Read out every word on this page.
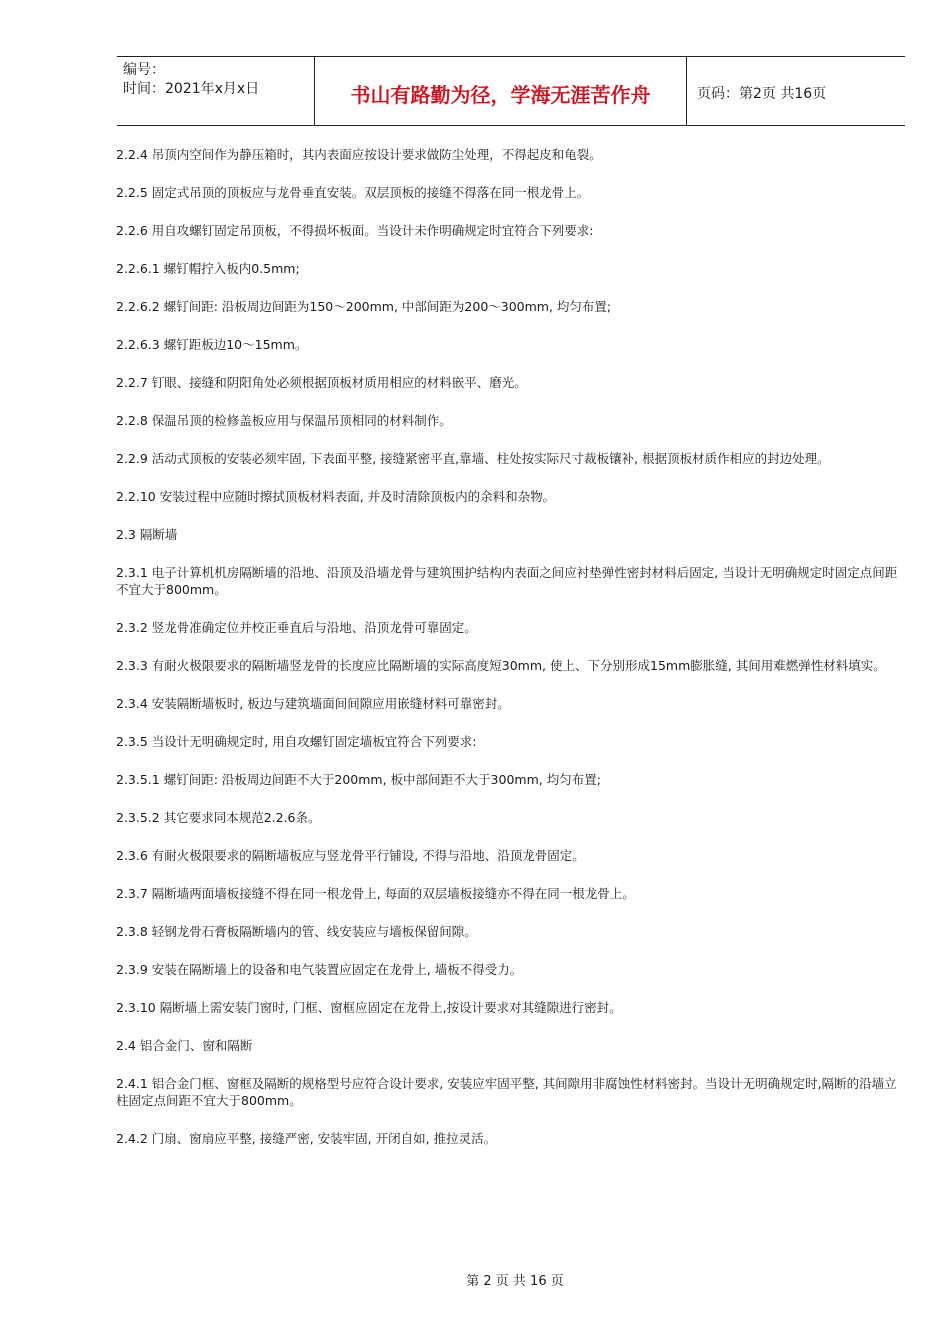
编号：
时间：2021年x月x日	书山有路勤为径，学海无涯苦作舟	页码：第2页 共16页

2.2.4 吊顶内空间作为静压箱时，其内表面应按设计要求做防尘处理，不得起皮和龟裂。

2.2.5 固定式吊顶的顶板应与龙骨垂直安装。双层顶板的接缝不得落在同一根龙骨上。

2.2.6 用自攻螺钉固定吊顶板，不得损坏板面。当设计未作明确规定时宜符合下列要求:

2.2.6.1 螺钉帽拧入板内0.5mm;

2.2.6.2 螺钉间距: 沿板周边间距为150～200mm, 中部间距为200～300mm, 均匀布置;

2.2.6.3 螺钉距板边10～15mm。

2.2.7 钉眼、接缝和阴阳角处必须根据顶板材质用相应的材料嵌平、磨光。

2.2.8 保温吊顶的检修盖板应用与保温吊顶相同的材料制作。

2.2.9 活动式顶板的安装必须牢固, 下表面平整, 接缝紧密平直,靠墙、柱处按实际尺寸裁板镶补, 根据顶板材质作相应的封边处理。

2.2.10 安装过程中应随时擦拭顶板材料表面, 并及时清除顶板内的余料和杂物。

2.3 隔断墙

2.3.1 电子计算机机房隔断墙的沿地、沿顶及沿墙龙骨与建筑围护结构内表面之间应衬垫弹性密封材料后固定, 当设计无明确规定时固定点间距不宜大于800mm。

2.3.2 竖龙骨准确定位并校正垂直后与沿地、沿顶龙骨可靠固定。

2.3.3 有耐火极限要求的隔断墙竖龙骨的长度应比隔断墙的实际高度短30mm, 使上、下分别形成15mm膨胀缝, 其间用难燃弹性材料填实。

2.3.4 安装隔断墙板时, 板边与建筑墙面间间隙应用嵌缝材料可靠密封。

2.3.5 当设计无明确规定时, 用自攻螺钉固定墙板宜符合下列要求:

2.3.5.1 螺钉间距: 沿板周边间距不大于200mm, 板中部间距不大于300mm, 均匀布置;

2.3.5.2 其它要求同本规范2.2.6条。

2.3.6 有耐火极限要求的隔断墙板应与竖龙骨平行铺设, 不得与沿地、沿顶龙骨固定。

2.3.7 隔断墙两面墙板接缝不得在同一根龙骨上, 每面的双层墙板接缝亦不得在同一根龙骨上。

2.3.8 轻钢龙骨石膏板隔断墙内的管、线安装应与墙板保留间隙。

2.3.9 安装在隔断墙上的设备和电气装置应固定在龙骨上, 墙板不得受力。

2.3.10 隔断墙上需安装门窗时, 门框、窗框应固定在龙骨上,按设计要求对其缝隙进行密封。

2.4 铝合金门、窗和隔断

2.4.1 铝合金门框、窗框及隔断的规格型号应符合设计要求, 安装应牢固平整, 其间隙用非腐蚀性材料密封。当设计无明确规定时,隔断的沿墙立柱固定点间距不宜大于800mm。

2.4.2 门扇、窗扇应平整, 接缝严密, 安装牢固, 开闭自如, 推拉灵活。

第 2 页 共 16 页
